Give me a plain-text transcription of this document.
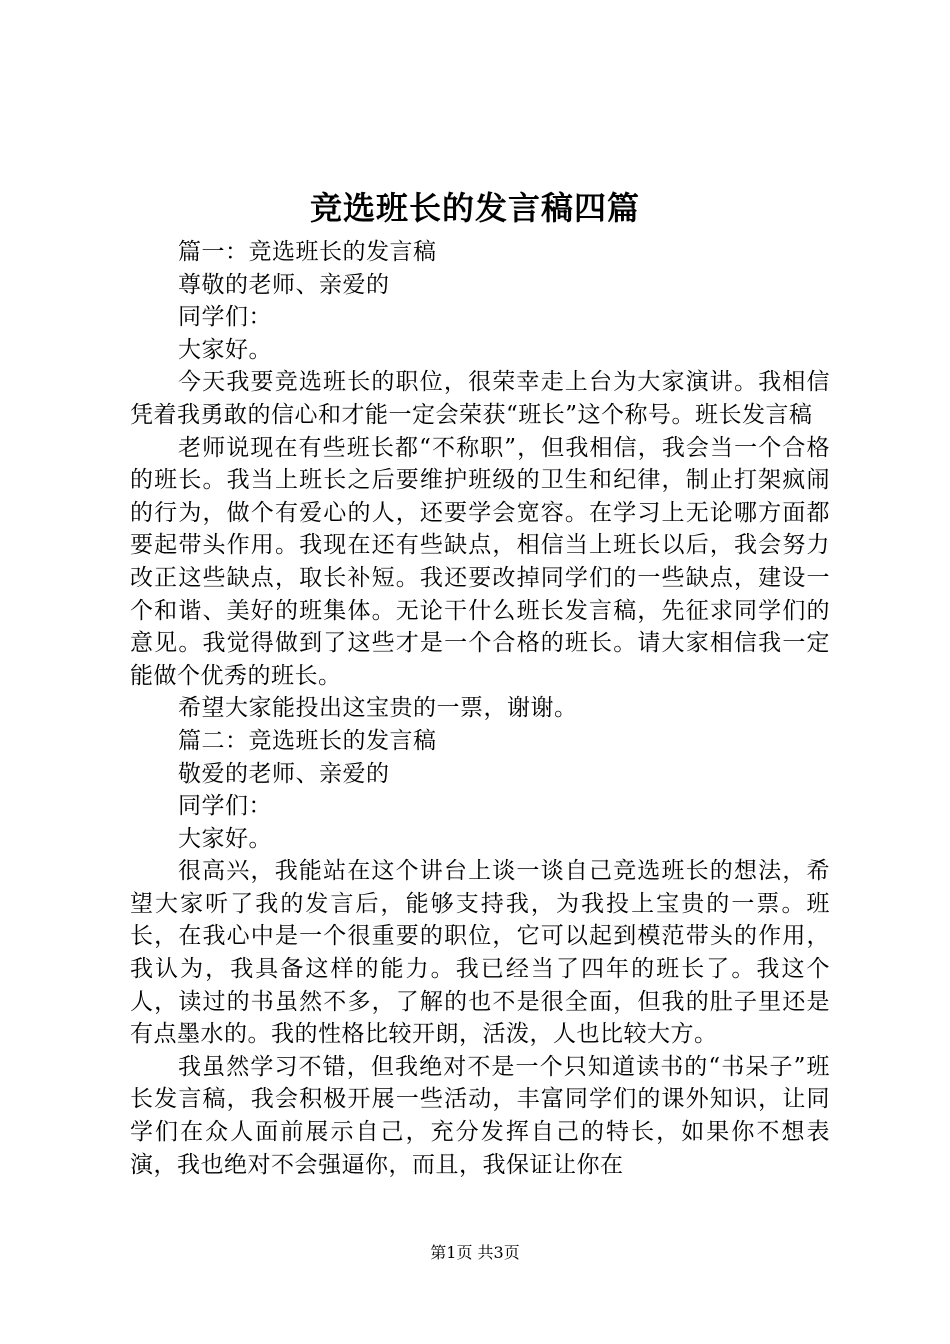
竞选班长的发言稿四篇

篇一：竞选班长的发言稿

尊敬的老师、亲爱的

同学们：

大家好。

今天我要竞选班长的职位，很荣幸走上台为大家演讲。我相信凭着我勇敢的信心和才能一定会荣获“班长”这个称号。班长发言稿

老师说现在有些班长都“不称职”，但我相信，我会当一个合格的班长。我当上班长之后要维护班级的卫生和纪律，制止打架疯闹的行为，做个有爱心的人，还要学会宽容。在学习上无论哪方面都要起带头作用。我现在还有些缺点，相信当上班长以后，我会努力改正这些缺点，取长补短。我还要改掉同学们的一些缺点，建设一个和谐、美好的班集体。无论干什么班长发言稿，先征求同学们的意见。我觉得做到了这些才是一个合格的班长。请大家相信我一定能做个优秀的班长。

希望大家能投出这宝贵的一票，谢谢。

篇二：竞选班长的发言稿

敬爱的老师、亲爱的

同学们：

大家好。

很高兴，我能站在这个讲台上谈一谈自己竞选班长的想法，希望大家听了我的发言后，能够支持我，为我投上宝贵的一票。班长，在我心中是一个很重要的职位，它可以起到模范带头的作用，我认为，我具备这样的能力。我已经当了四年的班长了。我这个人，读过的书虽然不多，了解的也不是很全面，但我的肚子里还是有点墨水的。我的性格比较开朗，活泼，人也比较大方。

我虽然学习不错，但我绝对不是一个只知道读书的“书呆子”班长发言稿，我会积极开展一些活动，丰富同学们的课外知识，让同学们在众人面前展示自己，充分发挥自己的特长，如果你不想表演，我也绝对不会强逼你，而且，我保证让你在

第1页 共3页
